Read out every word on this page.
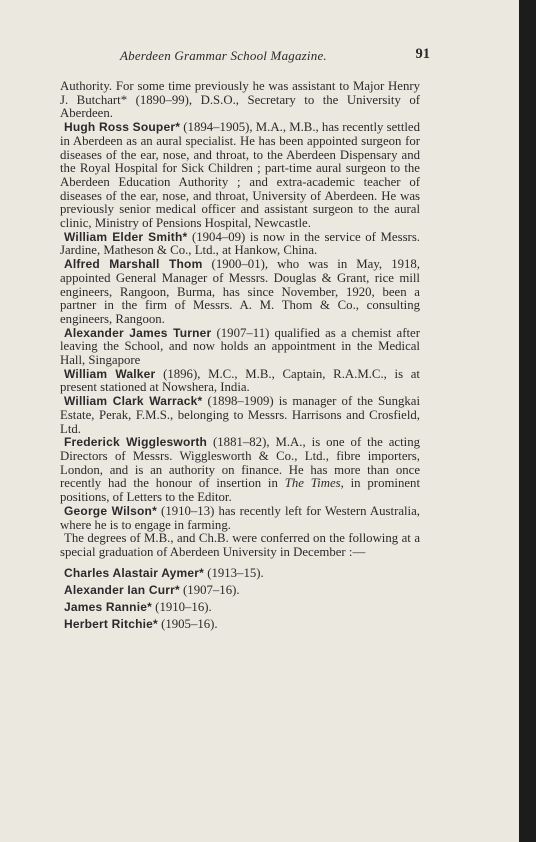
Aberdeen Grammar School Magazine.	91

Authority. For some time previously he was assistant to Major Henry J. Butchart* (1890–99), D.S.O., Secretary to the University of Aberdeen.

Hugh Ross Souper* (1894–1905), M.A., M.B., has recently settled in Aberdeen as an aural specialist. He has been appointed surgeon for diseases of the ear, nose, and throat, to the Aberdeen Dispensary and the Royal Hospital for Sick Children ; part-time aural surgeon to the Aberdeen Education Authority ; and extra-academic teacher of diseases of the ear, nose, and throat, University of Aberdeen. He was previously senior medical officer and assistant surgeon to the aural clinic, Ministry of Pensions Hospital, Newcastle.

William Elder Smith* (1904–09) is now in the service of Messrs. Jardine, Matheson & Co., Ltd., at Hankow, China.

Alfred Marshall Thom (1900–01), who was in May, 1918, appointed General Manager of Messrs. Douglas & Grant, rice mill engineers, Rangoon, Burma, has since November, 1920, been a partner in the firm of Messrs. A. M. Thom & Co., consulting engineers, Rangoon.

Alexander James Turner (1907–11) qualified as a chemist after leaving the School, and now holds an appointment in the Medical Hall, Singapore

William Walker (1896), M.C., M.B., Captain, R.A.M.C., is at present stationed at Nowshera, India.

William Clark Warrack* (1898–1909) is manager of the Sungkai Estate, Perak, F.M.S., belonging to Messrs. Harrisons and Crosfield, Ltd.

Frederick Wigglesworth (1881–82), M.A., is one of the acting Directors of Messrs. Wigglesworth & Co., Ltd., fibre importers, London, and is an authority on finance. He has more than once recently had the honour of insertion in The Times, in prominent positions, of Letters to the Editor.

George Wilson* (1910–13) has recently left for Western Australia, where he is to engage in farming.

The degrees of M.B., and Ch.B. were conferred on the following at a special graduation of Aberdeen University in December :—

Charles Alastair Aymer* (1913–15).
Alexander Ian Curr* (1907–16).
James Rannie* (1910–16).
Herbert Ritchie* (1905–16).
